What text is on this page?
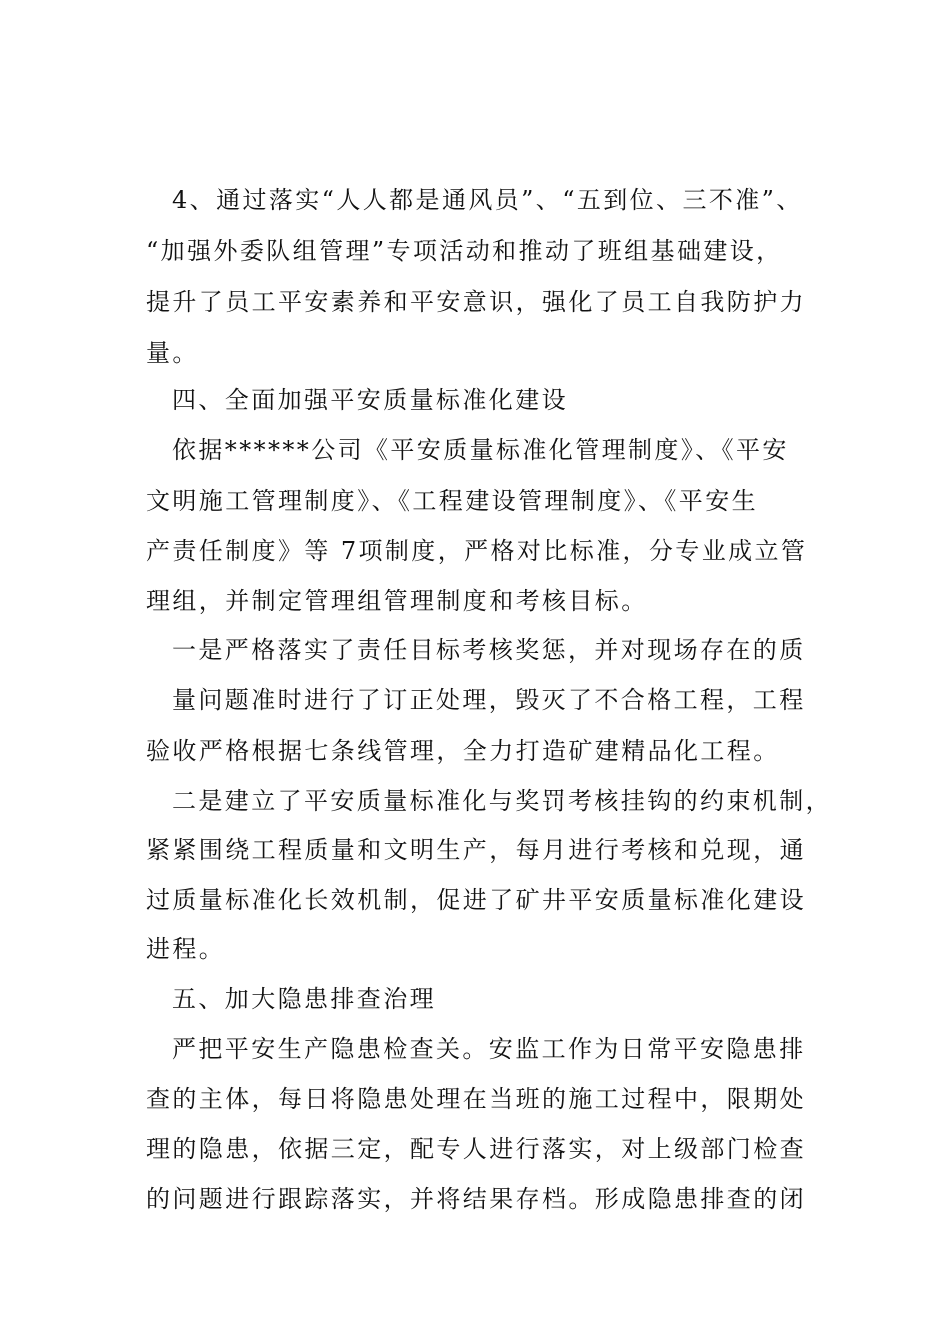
4、通过落实“人人都是通风员”、“五到位、三不准”、

“加强外委队组管理”专项活动和推动了班组基础建设，

提升了员工平安素养和平安意识，强化了员工自我防护力

量。

四、全面加强平安质量标准化建设

依据******公司《平安质量标准化管理制度》、《平安

文明施工管理制度》、《工程建设管理制度》、《平安生

产责任制度》等 7项制度，严格对比标准，分专业成立管

理组，并制定管理组管理制度和考核目标。

一是严格落实了责任目标考核奖惩，并对现场存在的质

量问题准时进行了订正处理，毁灭了不合格工程，工程

验收严格根据七条线管理，全力打造矿建精品化工程。

二是建立了平安质量标准化与奖罚考核挂钩的约束机制，

紧紧围绕工程质量和文明生产，每月进行考核和兑现，通

过质量标准化长效机制，促进了矿井平安质量标准化建设

进程。

五、加大隐患排查治理

严把平安生产隐患检查关。安监工作为日常平安隐患排

查的主体，每日将隐患处理在当班的施工过程中，限期处

理的隐患，依据三定，配专人进行落实，对上级部门检查

的问题进行跟踪落实，并将结果存档。形成隐患排查的闭
